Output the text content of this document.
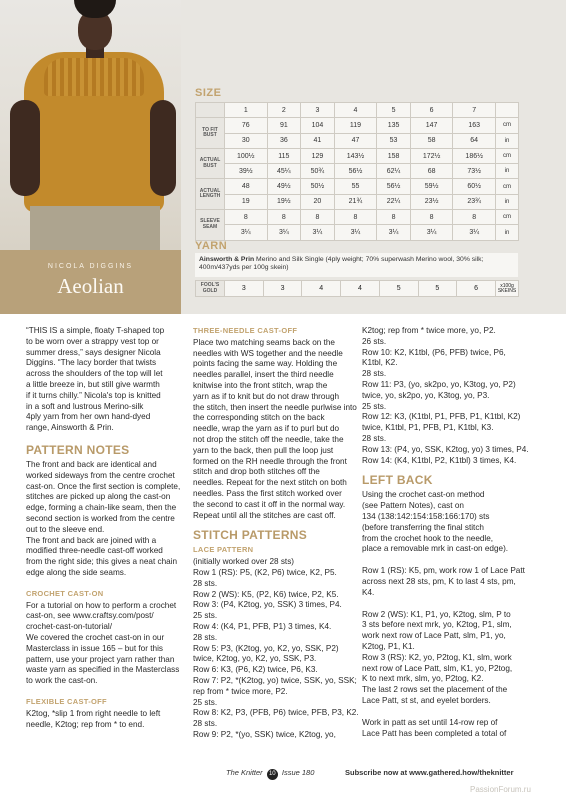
NICOLA DIGGINS
Aeolian
SIZE
	1	2	3	4	5	6	7	
TO FIT BUST	76	91	104	119	135	147	163	cm
	30	36	41	47	53	58	64	in
ACTUAL BUST	100½	115	129	143½	158	172½	186½	cm
	39½	45¼	50¾	56½	62¼	68	73½	in
ACTUAL LENGTH	48	49½	50½	55	56½	59½	60½	cm
	19	19½	20	21¾	22¼	23½	23¾	in
SLEEVE SEAM	8	8	8	8	8	8	8	cm
	3¼	3¼	3¼	3¼	3¼	3¼	3¼	in
YARN
Ainsworth & Prin Merino and Silk Single (4ply weight; 70% superwash Merino wool, 30% silk; 400m/437yds per 100g skein)
FOOL'S GOLD	3	3	4	4	5	5	6	x100g SKEINS
“THIS IS a simple, floaty T-shaped top
to be worn over a strappy vest top or
summer dress,” says designer Nicola
Diggins. “The lacy border that twists
across the shoulders of the top will let
a little breeze in, but still give warmth
if it turns chilly.” Nicola's top is knitted
in a soft and lustrous Merino-silk
4ply yarn from her own hand-dyed
range, Ainsworth & Prin.
PATTERN NOTES
The front and back are identical and
worked sideways from the centre crochet
cast-on. Once the first section is complete,
stitches are picked up along the cast-on
edge, forming a chain-like seam, then the
second section is worked from the centre
out to the sleeve end.
The front and back are joined with a
modified three-needle cast-off worked
from the right side; this gives a neat chain
edge along the side seams.
CROCHET CAST-ON
For a tutorial on how to perform a crochet
cast-on, see www.craftsy.com/post/
crochet-cast-on-tutorial/
We covered the crochet cast-on in our
Masterclass in issue 165 – but for this
pattern, use your project yarn rather than
waste yarn as specified in the Masterclass
to work the cast-on.
FLEXIBLE CAST-OFF
K2tog, *slip 1 from right needle to left
needle, K2tog; rep from * to end.
THREE-NEEDLE CAST-OFF
Place two matching seams back on the
needles with WS together and the needle
points facing the same way. Holding the
needles parallel, insert the third needle
knitwise into the front stitch, wrap the
yarn as if to knit but do not draw through
the stitch, then insert the needle purlwise into
the corresponding stitch on the back
needle, wrap the yarn as if to purl but do
not drop the stitch off the needle, take the
yarn to the back, then pull the loop just
formed on the RH needle through the front
stitch and drop both stitches off the
needles. Repeat for the next stitch on both
needles. Pass the first stitch worked over
the second to cast it off in the normal way.
Repeat until all the stitches are cast off.
STITCH PATTERNS
LACE PATTERN
(initially worked over 28 sts)
Row 1 (RS): P5, (K2, P6) twice, K2, P5.
28 sts.
Row 2 (WS): K5, (P2, K6) twice, P2, K5.
Row 3: (P4, K2tog, yo, SSK) 3 times, P4.
25 sts.
Row 4: (K4, P1, PFB, P1) 3 times, K4.
28 sts.
Row 5: P3, (K2tog, yo, K2, yo, SSK, P2)
twice, K2tog, yo, K2, yo, SSK, P3.
Row 6: K3, (P6, K2) twice, P6, K3.
Row 7: P2, *(K2tog, yo) twice, SSK, yo, SSK;
rep from * twice more, P2.
25 sts.
Row 8: K2, P3, (PFB, P6) twice, PFB, P3, K2.
28 sts.
Row 9: P2, *(yo, SSK) twice, K2tog, yo,
K2tog; rep from * twice more, yo, P2.
26 sts.
Row 10: K2, K1tbl, (P6, PFB) twice, P6,
K1tbl, K2.
28 sts.
Row 11: P3, (yo, sk2po, yo, K3tog, yo, P2)
twice, yo, sk2po, yo, K3tog, yo, P3.
25 sts.
Row 12: K3, (K1tbl, P1, PFB, P1, K1tbl, K2)
twice, K1tbl, P1, PFB, P1, K1tbl, K3.
28 sts.
Row 13: (P4, yo, SSK, K2tog, yo) 3 times, P4.
Row 14: (K4, K1tbl, P2, K1tbl) 3 times, K4.
LEFT BACK
Using the crochet cast-on method
(see Pattern Notes), cast on
134 (138:142:154:158:166:170) sts
(before transferring the final stitch
from the crochet hook to the needle,
place a removable mrk in cast-on edge).
Row 1 (RS): K5, pm, work row 1 of Lace Patt
across next 28 sts, pm, K to last 4 sts, pm,
K4.
Row 2 (WS): K1, P1, yo, K2tog, slm, P to
3 sts before next mrk, yo, K2tog, P1, slm,
work next row of Lace Patt, slm, P1, yo,
K2tog, P1, K1.
Row 3 (RS): K2, yo, P2tog, K1, slm, work
next row of Lace Patt, slm, K1, yo, P2tog,
K to next mrk, slm, yo, P2tog, K2.
The last 2 rows set the placement of the
Lace Patt, st st, and eyelet borders.
Work in patt as set until 14-row rep of
Lace Patt has been completed a total of
The Knitter 10 Issue 180	Subscribe now at www.gathered.how/theknitter
PassionForum.ru
